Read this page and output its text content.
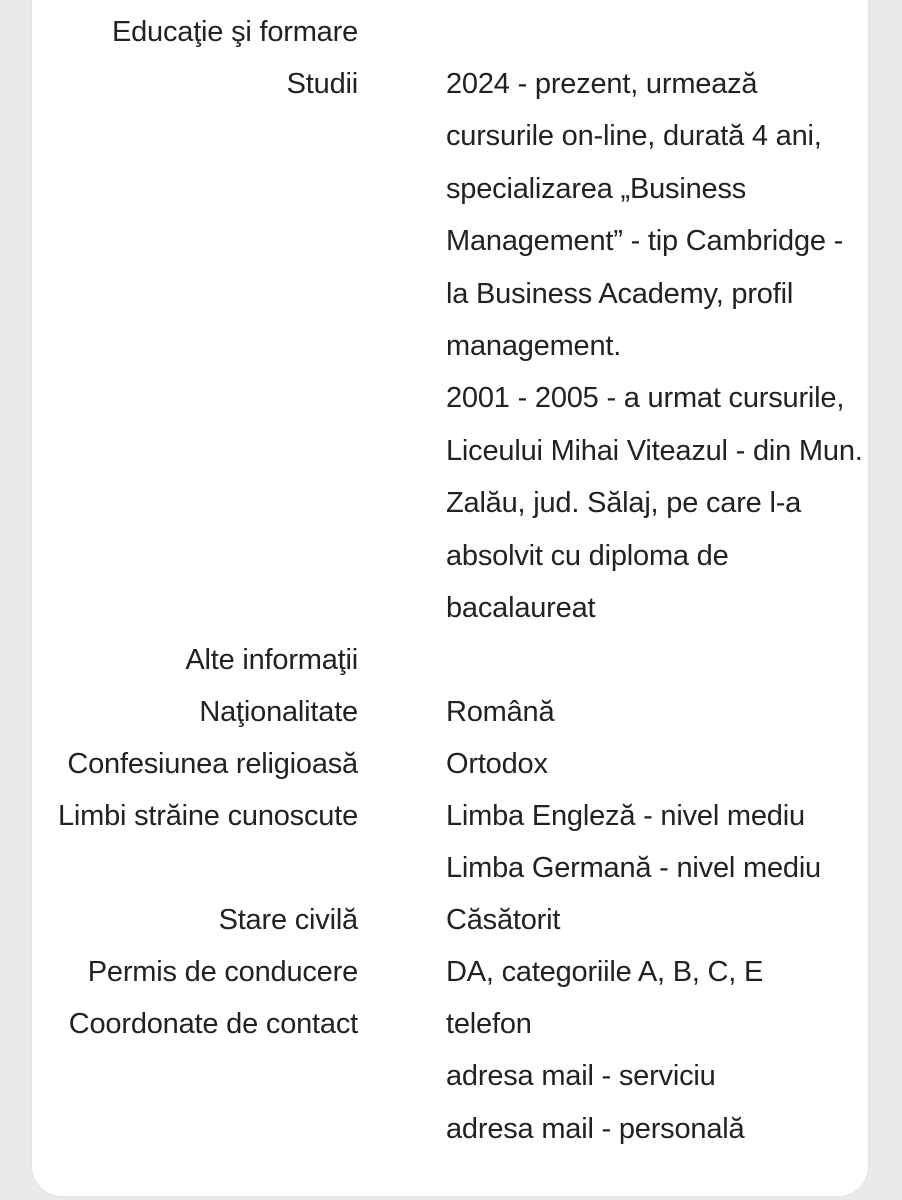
Educaţie şi formare
Studii	2024 - prezent, urmează
cursurile on-line, durată 4 ani,
specializarea „Business
Management” - tip Cambridge -
la Business Academy, profil
management.
2001 - 2005 - a urmat cursurile,
Liceului Mihai Viteazul - din Mun.
Zalău, jud. Sălaj, pe care l-a
absolvit cu diploma de
bacalaureat
Alte informaţii
Naţionalitate	Română
Confesiunea religioasă	Ortodox
Limbi străine cunoscute	Limba Engleză - nivel mediu
Limba Germană - nivel mediu
Stare civilă	Căsătorit
Permis de conducere	DA, categoriile A, B, C, E
Coordonate de contact	telefon
adresa mail - serviciu
adresa mail - personală
